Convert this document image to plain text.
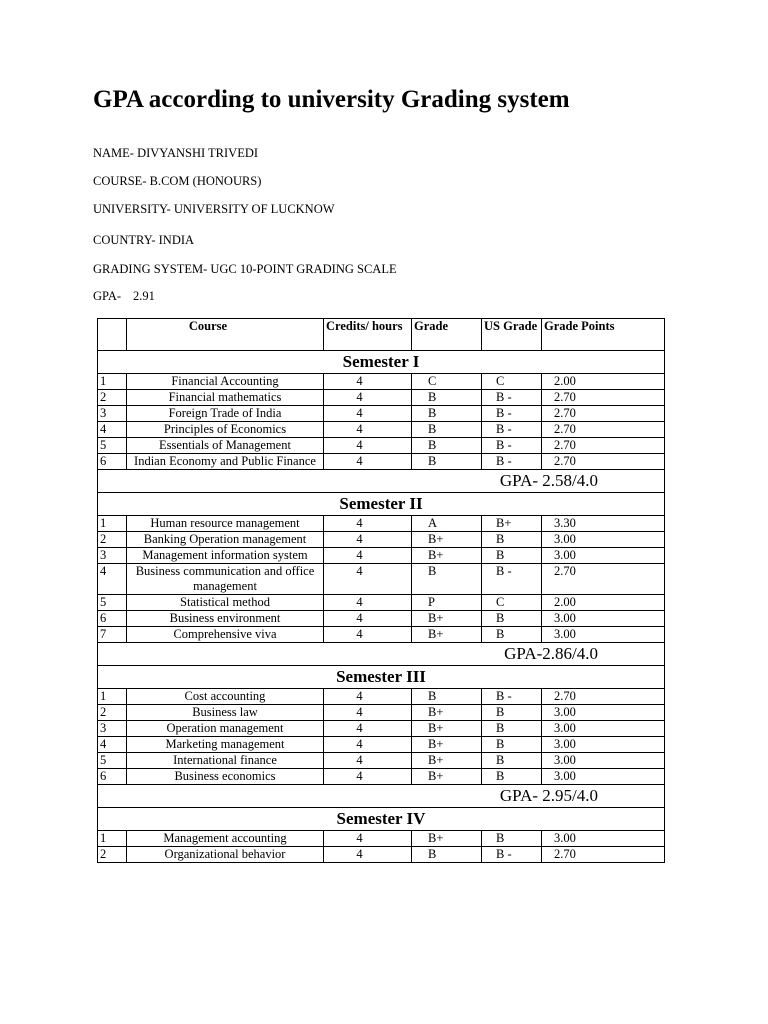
GPA according to university Grading system
NAME- DIVYANSHI TRIVEDI
COURSE- B.COM (HONOURS)
UNIVERSITY- UNIVERSITY OF LUCKNOW
COUNTRY- INDIA
GRADING SYSTEM- UGC 10-POINT GRADING SCALE
GPA- 2.91
	Course	Credits/ hours	Grade	US Grade	Grade Points
Semester I					
1	Financial Accounting	4	C	C	2.00
2	Financial mathematics	4	B	B -	2.70
3	Foreign Trade of India	4	B	B -	2.70
4	Principles of Economics	4	B	B -	2.70
5	Essentials of Management	4	B	B -	2.70
6	Indian Economy and Public Finance	4	B	B -	2.70
GPA- 2.58/4.0					
Semester II					
1	Human resource management	4	A	B+	3.30
2	Banking Operation management	4	B+	B	3.00
3	Management information system	4	B+	B	3.00
4	Business communication and office management	4	B	B -	2.70
5	Statistical method	4	P	C	2.00
6	Business environment	4	B+	B	3.00
7	Comprehensive viva	4	B+	B	3.00
GPA-2.86/4.0					
Semester III					
1	Cost accounting	4	B	B -	2.70
2	Business law	4	B+	B	3.00
3	Operation management	4	B+	B	3.00
4	Marketing management	4	B+	B	3.00
5	International finance	4	B+	B	3.00
6	Business economics	4	B+	B	3.00
GPA- 2.95/4.0					
Semester IV					
1	Management accounting	4	B+	B	3.00
2	Organizational behavior	4	B	B -	2.70
